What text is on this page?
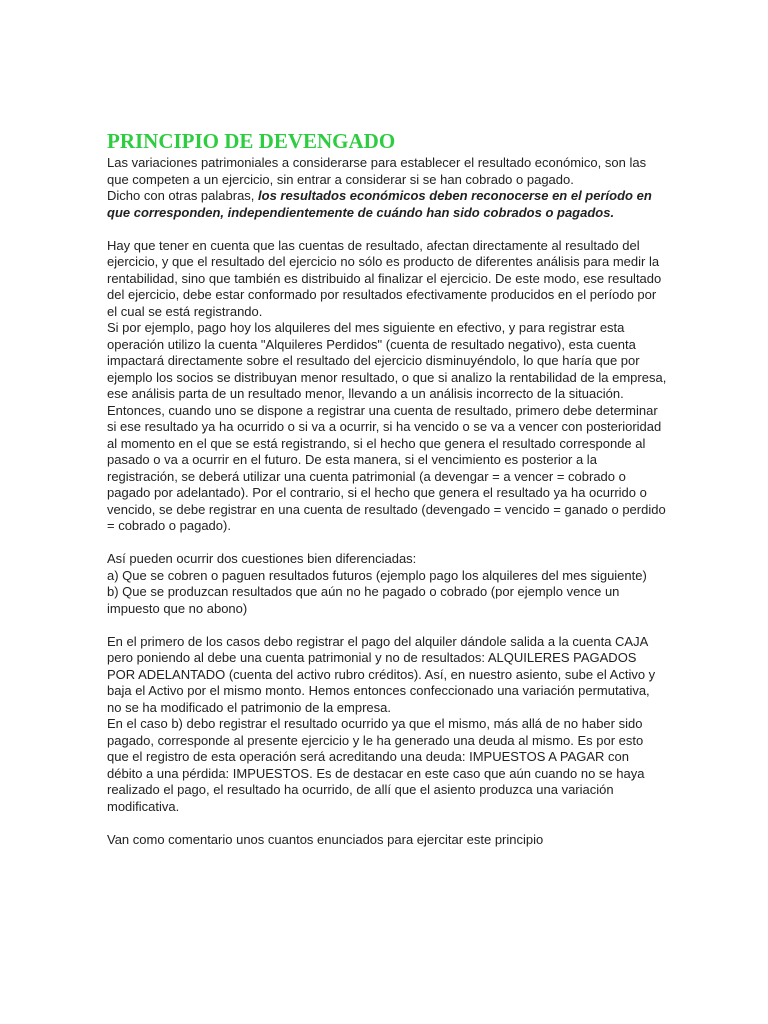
PRINCIPIO DE DEVENGADO

Las variaciones patrimoniales a considerarse para establecer el resultado económico, son las que competen a un ejercicio, sin entrar a considerar si se han cobrado o pagado.

Dicho con otras palabras, los resultados económicos deben reconocerse en el período en que corresponden, independientemente de cuándo han sido cobrados o pagados.

Hay que tener en cuenta que las cuentas de resultado, afectan directamente al resultado del ejercicio, y que el resultado del ejercicio no sólo es producto de diferentes análisis para medir la rentabilidad, sino que también es distribuido al finalizar el ejercicio. De este modo, ese resultado del ejercicio, debe estar conformado por resultados efectivamente producidos en el período por el cual se está registrando.

Si por ejemplo, pago hoy los alquileres del mes siguiente en efectivo, y para registrar esta operación utilizo la cuenta "Alquileres Perdidos" (cuenta de resultado negativo), esta cuenta impactará directamente sobre el resultado del ejercicio disminuyéndolo, lo que haría que por ejemplo los socios se distribuyan menor resultado, o que si analizo la rentabilidad de la empresa, ese análisis parta de un resultado menor, llevando a un análisis incorrecto de la situación.

Entonces, cuando uno se dispone a registrar una cuenta de resultado, primero debe determinar si ese resultado ya ha ocurrido o si va a ocurrir, si ha vencido o se va a vencer con posterioridad al momento en el que se está registrando, si el hecho que genera el resultado corresponde al pasado o va a ocurrir en el futuro. De esta manera, si el vencimiento es posterior a la registración, se deberá utilizar una cuenta patrimonial (a devengar = a vencer = cobrado o pagado por adelantado). Por el contrario, si el hecho que genera el resultado ya ha ocurrido o vencido, se debe registrar en una cuenta de resultado (devengado = vencido = ganado o perdido = cobrado o pagado).

Así pueden ocurrir dos cuestiones bien diferenciadas:

a) Que se cobren o paguen resultados futuros (ejemplo pago los alquileres del mes siguiente)

b) Que se produzcan resultados que aún no he pagado o cobrado (por ejemplo vence un impuesto que no abono)

En el primero de los casos debo registrar el pago del alquiler dándole salida a la cuenta CAJA pero poniendo al debe una cuenta patrimonial y no de resultados: ALQUILERES PAGADOS POR ADELANTADO (cuenta del activo rubro créditos). Así, en nuestro asiento, sube el Activo y baja el Activo por el mismo monto. Hemos entonces confeccionado una variación permutativa, no se ha modificado el patrimonio de la empresa.

En el caso b) debo registrar el resultado ocurrido ya que el mismo, más allá de no haber sido pagado, corresponde al presente ejercicio y le ha generado una deuda al mismo. Es por esto que el registro de esta operación será acreditando una deuda: IMPUESTOS A PAGAR con débito a una pérdida: IMPUESTOS. Es de destacar en este caso que aún cuando no se haya realizado el pago, el resultado ha ocurrido, de allí que el asiento produzca una variación modificativa.

Van como comentario unos cuantos enunciados para ejercitar este principio
